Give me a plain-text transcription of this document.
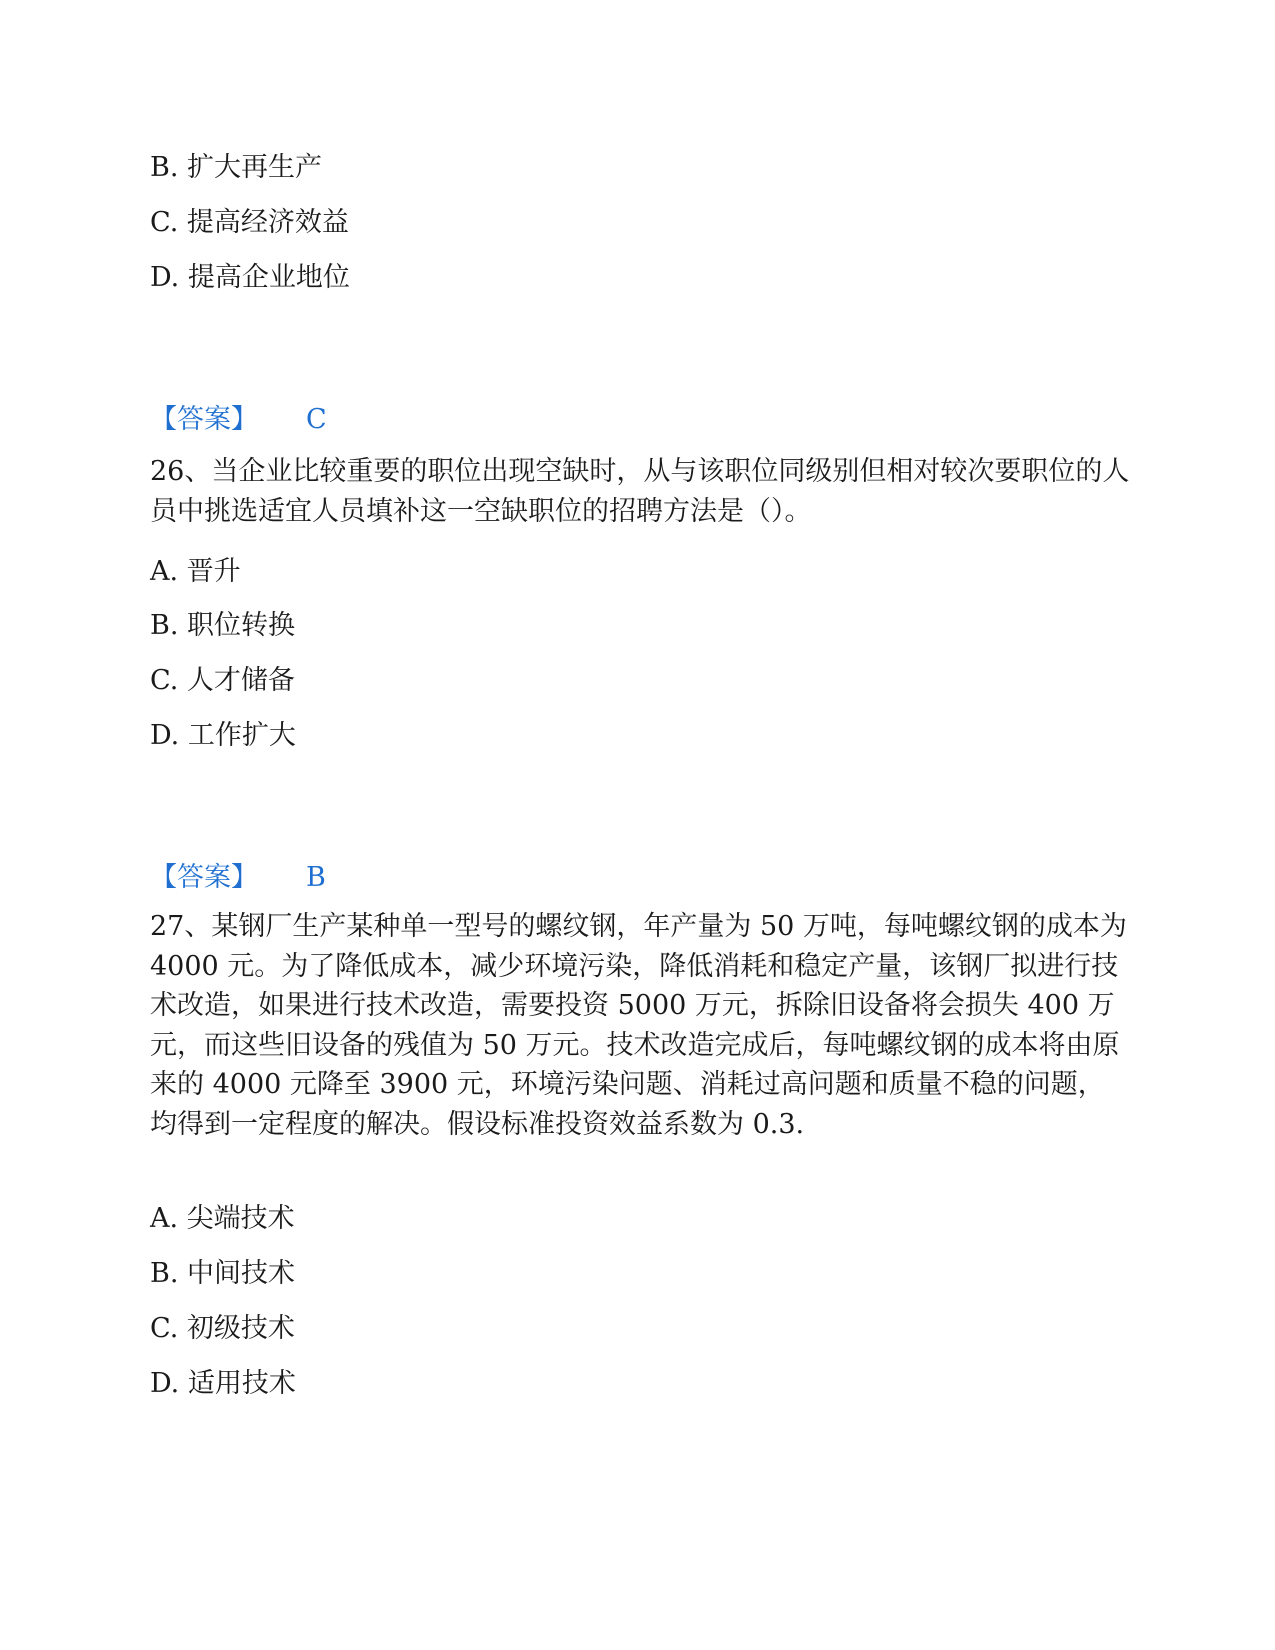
B. 扩大再生产
C. 提高经济效益
D. 提高企业地位
【答案】 C
26、当企业比较重要的职位出现空缺时，从与该职位同级别但相对较次要职位的人员中挑选适宜人员填补这一空缺职位的招聘方法是（）。
A. 晋升
B. 职位转换
C. 人才储备
D. 工作扩大
【答案】 B
27、某钢厂生产某种单一型号的螺纹钢，年产量为 50 万吨，每吨螺纹钢的成本为 4000 元。为了降低成本，减少环境污染，降低消耗和稳定产量，该钢厂拟进行技术改造，如果进行技术改造，需要投资 5000 万元，拆除旧设备将会损失 400 万元，而这些旧设备的残值为 50 万元。技术改造完成后，每吨螺纹钢的成本将由原来的 4000 元降至 3900 元，环境污染问题、消耗过高问题和质量不稳的问题，均得到一定程度的解决。假设标准投资效益系数为 0.3.
A. 尖端技术
B. 中间技术
C. 初级技术
D. 适用技术
